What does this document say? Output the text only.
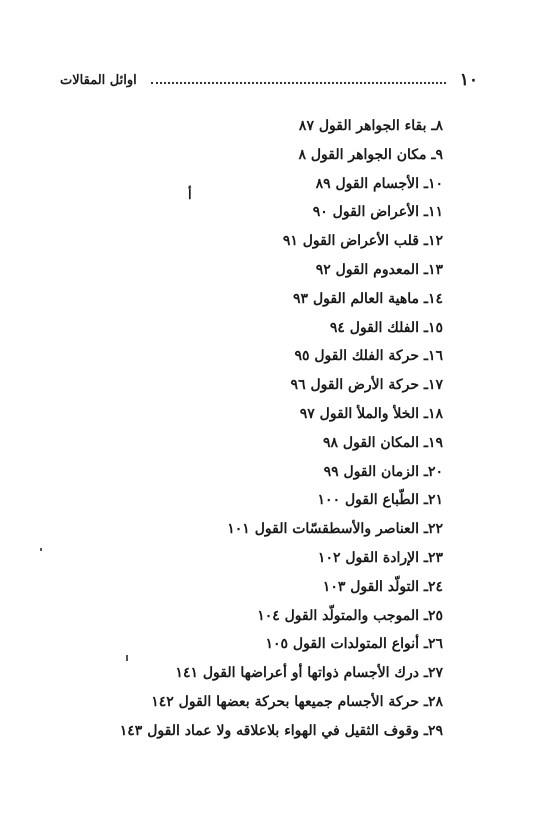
١٠
اوائل المقالات
أ
٨ـ بقاء الجواهر القول ٨٧
٩ـ مكان الجواهر القول ٨
١٠ـ الأجسام القول ٨٩
١١ـ الأعراض القول ٩٠
١٢ـ قلب الأعراض القول ٩١
١٣ـ المعدوم القول ٩٢
١٤ـ ماهية العالم القول ٩٣
١٥ـ الفلك القول ٩٤
١٦ـ حركة الفلك القول ٩٥
١٧ـ حركة الأرض القول ٩٦
١٨ـ الخلأ والملأ القول ٩٧
١٩ـ المكان القول ٩٨
٢٠ـ الزمان القول ٩٩
٢١ـ الطّباع القول ١٠٠
٢٢ـ العناصر والأسطقسّات القول ١٠١
٢٣ـ الإرادة القول ١٠٢
٢٤ـ التولّد القول ١٠٣
٢٥ـ الموجب والمتولّد القول ١٠٤
٢٦ـ أنواع المتولدات القول ١٠٥
٢٧ـ درك الأجسام ذواتها أو أعراضها القول ١٤١
٢٨ـ حركة الأجسام جميعها بحركة بعضها القول ١٤٢
٢٩ـ وقوف الثقيل في الهواء بلاعلاقه ولا عماد القول ١٤٣
